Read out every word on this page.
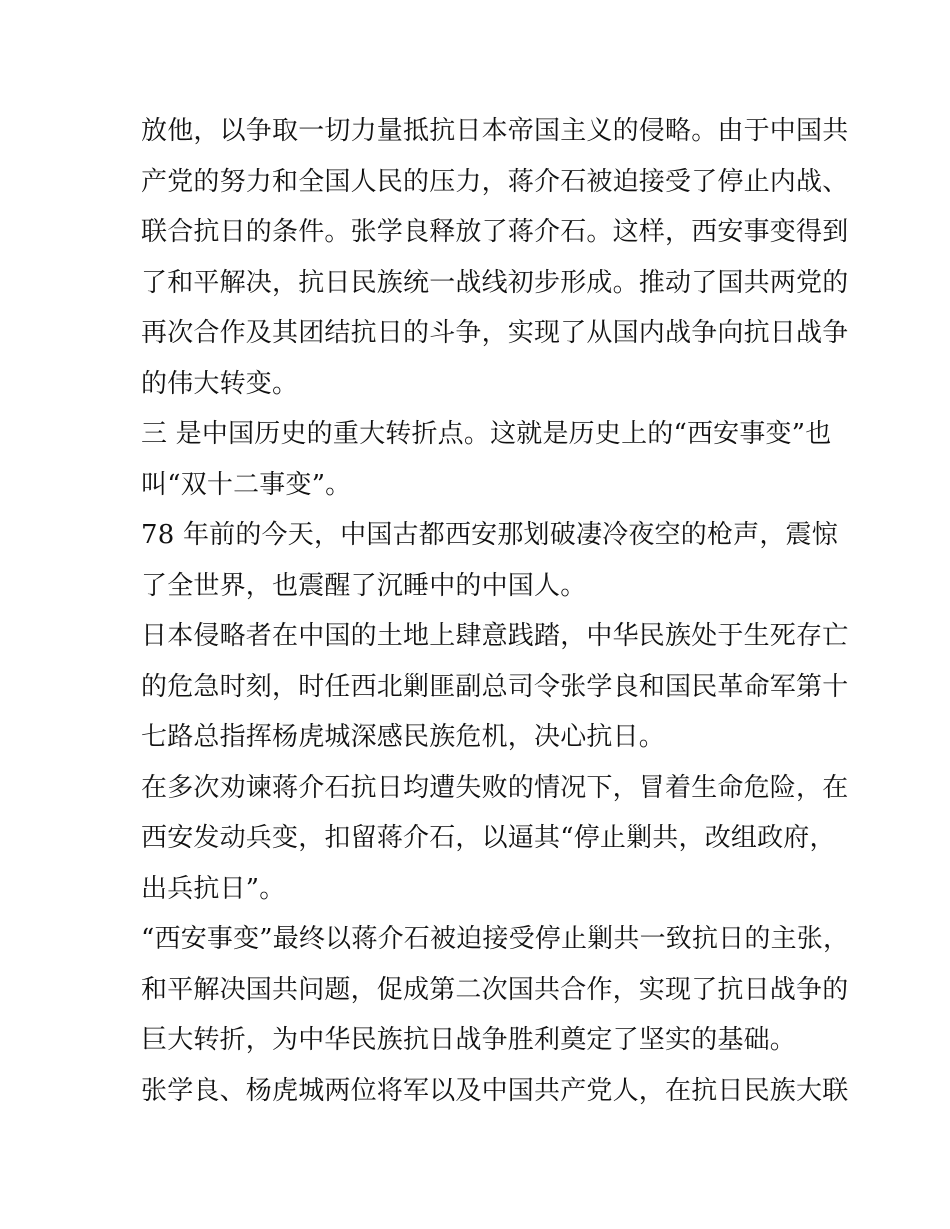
放他，以争取一切力量抵抗日本帝国主义的侵略。由于中国共
产党的努力和全国人民的压力，蒋介石被迫接受了停止内战、
联合抗日的条件。张学良释放了蒋介石。这样，西安事变得到
了和平解决，抗日民族统一战线初步形成。推动了国共两党的
再次合作及其团结抗日的斗争，实现了从国内战争向抗日战争
的伟大转变。
三 是中国历史的重大转折点。这就是历史上的“西安事变”也
叫“双十二事变”。
78 年前的今天，中国古都西安那划破凄冷夜空的枪声，震惊
了全世界，也震醒了沉睡中的中国人。
日本侵略者在中国的土地上肆意践踏，中华民族处于生死存亡
的危急时刻，时任西北剿匪副总司令张学良和国民革命军第十
七路总指挥杨虎城深感民族危机，决心抗日。
在多次劝谏蒋介石抗日均遭失败的情况下，冒着生命危险，在
西安发动兵变，扣留蒋介石，以逼其“停止剿共，改组政府，
出兵抗日”。
“西安事变”最终以蒋介石被迫接受停止剿共一致抗日的主张，
和平解决国共问题，促成第二次国共合作，实现了抗日战争的
巨大转折，为中华民族抗日战争胜利奠定了坚实的基础。
张学良、杨虎城两位将军以及中国共产党人，在抗日民族大联
